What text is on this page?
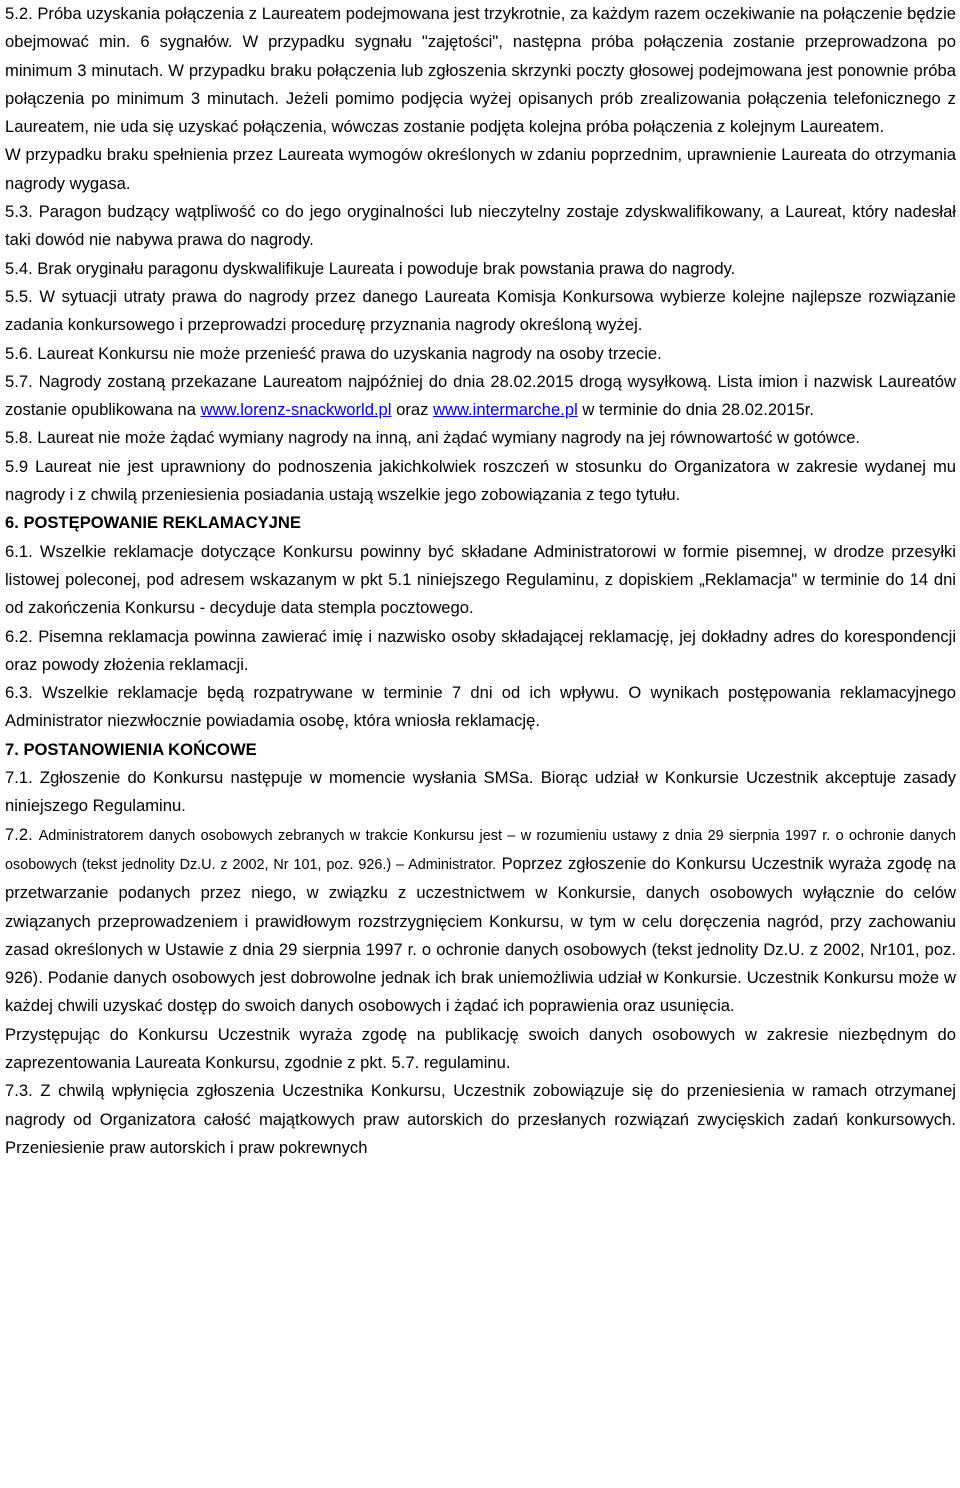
5.2. Próba uzyskania połączenia z Laureatem podejmowana jest trzykrotnie, za każdym razem oczekiwanie na połączenie będzie obejmować min. 6 sygnałów. W przypadku sygnału "zajętości", następna próba połączenia zostanie przeprowadzona po minimum 3 minutach. W przypadku braku połączenia lub zgłoszenia skrzynki poczty głosowej podejmowana jest ponownie próba połączenia po minimum 3 minutach. Jeżeli pomimo podjęcia wyżej opisanych prób zrealizowania połączenia telefonicznego z Laureatem, nie uda się uzyskać połączenia, wówczas zostanie podjęta kolejna próba połączenia z kolejnym Laureatem.

W przypadku braku spełnienia przez Laureata wymogów określonych w zdaniu poprzednim, uprawnienie Laureata do otrzymania nagrody wygasa.

5.3. Paragon budzący wątpliwość co do jego oryginalności lub nieczytelny zostaje zdyskwalifikowany, a Laureat, który nadesłał taki dowód nie nabywa prawa do nagrody.

5.4. Brak oryginału paragonu dyskwalifikuje Laureata i powoduje brak powstania prawa do nagrody.

5.5. W sytuacji utraty prawa do nagrody przez danego Laureata Komisja Konkursowa wybierze kolejne najlepsze rozwiązanie zadania konkursowego i przeprowadzi procedurę przyznania nagrody określoną wyżej.

5.6. Laureat Konkursu nie może przenieść prawa do uzyskania nagrody na osoby trzecie.

5.7. Nagrody zostaną przekazane Laureatom najpóźniej do dnia 28.02.2015 drogą wysyłkową. Lista imion i nazwisk Laureatów zostanie opublikowana na www.lorenz-snackworld.pl oraz www.intermarche.pl w terminie do dnia 28.02.2015r.

5.8. Laureat nie może żądać wymiany nagrody na inną, ani żądać wymiany nagrody na jej równowartość w gotówce.

5.9 Laureat nie jest uprawniony do podnoszenia jakichkolwiek roszczeń w stosunku do Organizatora w zakresie wydanej mu nagrody i z chwilą przeniesienia posiadania ustają wszelkie jego zobowiązania z tego tytułu.

6. POSTĘPOWANIE REKLAMACYJNE

6.1. Wszelkie reklamacje dotyczące Konkursu powinny być składane Administratorowi w formie pisemnej, w drodze przesyłki listowej poleconej, pod adresem wskazanym w pkt 5.1 niniejszego Regulaminu, z dopiskiem „Reklamacja" w terminie do 14 dni od zakończenia Konkursu - decyduje data stempla pocztowego.

6.2. Pisemna reklamacja powinna zawierać imię i nazwisko osoby składającej reklamację, jej dokładny adres do korespondencji oraz powody złożenia reklamacji.

6.3. Wszelkie reklamacje będą rozpatrywane w terminie 7 dni od ich wpływu. O wynikach postępowania reklamacyjnego Administrator niezwłocznie powiadamia osobę, która wniosła reklamację.

7. POSTANOWIENIA KOŃCOWE

7.1. Zgłoszenie do Konkursu następuje w momencie wysłania SMSa. Biorąc udział w Konkursie Uczestnik akceptuje zasady niniejszego Regulaminu.

7.2. Administratorem danych osobowych zebranych w trakcie Konkursu jest – w rozumieniu ustawy z dnia 29 sierpnia 1997 r. o ochronie danych osobowych (tekst jednolity Dz.U. z 2002, Nr 101, poz. 926.) – Administrator. Poprzez zgłoszenie do Konkursu Uczestnik wyraża zgodę na przetwarzanie podanych przez niego, w związku z uczestnictwem w Konkursie, danych osobowych wyłącznie do celów związanych przeprowadzeniem i prawidłowym rozstrzygnięciem Konkursu, w tym w celu doręczenia nagród, przy zachowaniu zasad określonych w Ustawie z dnia 29 sierpnia 1997 r. o ochronie danych osobowych (tekst jednolity Dz.U. z 2002, Nr101, poz. 926). Podanie danych osobowych jest dobrowolne jednak ich brak uniemożliwia udział w Konkursie. Uczestnik Konkursu może w każdej chwili uzyskać dostęp do swoich danych osobowych i żądać ich poprawienia oraz usunięcia.

Przystępując do Konkursu Uczestnik wyraża zgodę na publikację swoich danych osobowych w zakresie niezbędnym do zaprezentowania Laureata Konkursu, zgodnie z pkt. 5.7. regulaminu.

7.3. Z chwilą wpłynięcia zgłoszenia Uczestnika Konkursu, Uczestnik zobowiązuje się do przeniesienia w ramach otrzymanej nagrody od Organizatora całość majątkowych praw autorskich do przesłanych rozwiązań zwycięskich zadań konkursowych. Przeniesienie praw autorskich i praw pokrewnych
